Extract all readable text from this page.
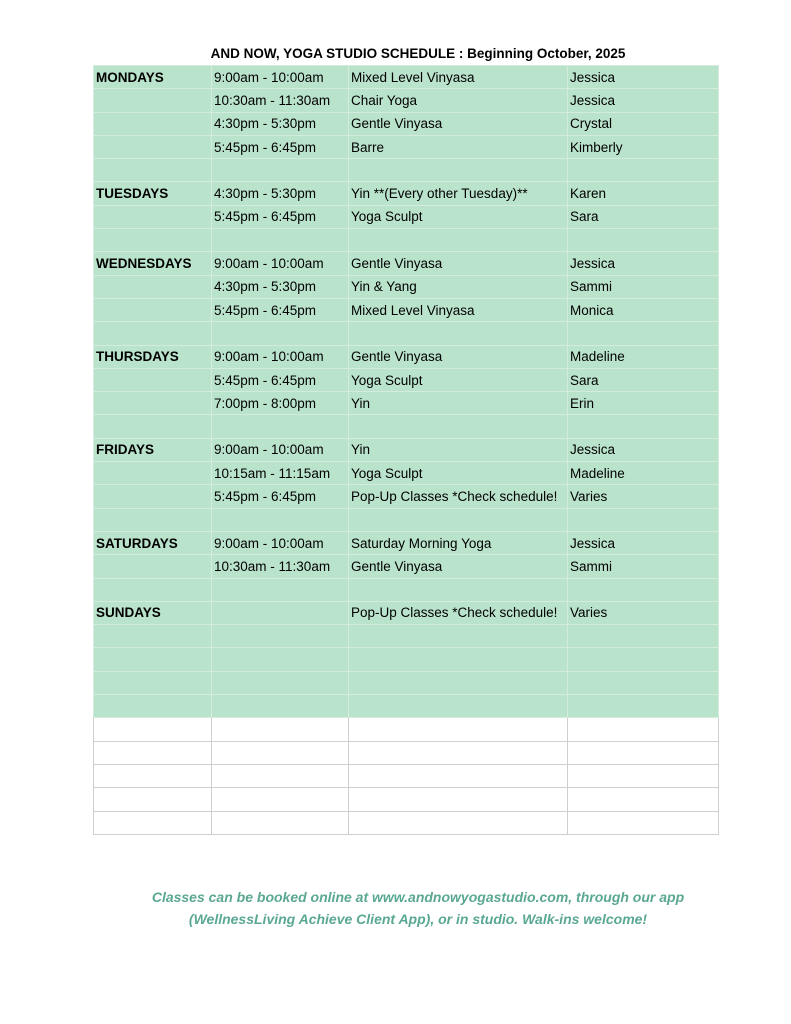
AND NOW, YOGA STUDIO SCHEDULE : Beginning October, 2025
MONDAYS	9:00am - 10:00am	Mixed Level Vinyasa	Jessica
	10:30am - 11:30am	Chair Yoga	Jessica
	4:30pm - 5:30pm	Gentle Vinyasa	Crystal
	5:45pm - 6:45pm	Barre	Kimberly

TUESDAYS	4:30pm - 5:30pm	Yin **(Every other Tuesday)**	Karen
	5:45pm - 6:45pm	Yoga Sculpt	Sara

WEDNESDAYS	9:00am - 10:00am	Gentle Vinyasa	Jessica
	4:30pm - 5:30pm	Yin & Yang	Sammi
	5:45pm - 6:45pm	Mixed Level Vinyasa	Monica

THURSDAYS	9:00am - 10:00am	Gentle Vinyasa	Madeline
	5:45pm - 6:45pm	Yoga Sculpt	Sara
	7:00pm - 8:00pm	Yin	Erin

FRIDAYS	9:00am - 10:00am	Yin	Jessica
	10:15am - 11:15am	Yoga Sculpt	Madeline
	5:45pm - 6:45pm	Pop-Up Classes *Check schedule!	Varies

SATURDAYS	9:00am - 10:00am	Saturday Morning Yoga	Jessica
	10:30am - 11:30am	Gentle Vinyasa	Sammi

SUNDAYS		Pop-Up Classes *Check schedule!	Varies

Classes can be booked online at www.andnowyogastudio.com, through our app
(WellnessLiving Achieve Client App), or in studio. Walk-ins welcome!
